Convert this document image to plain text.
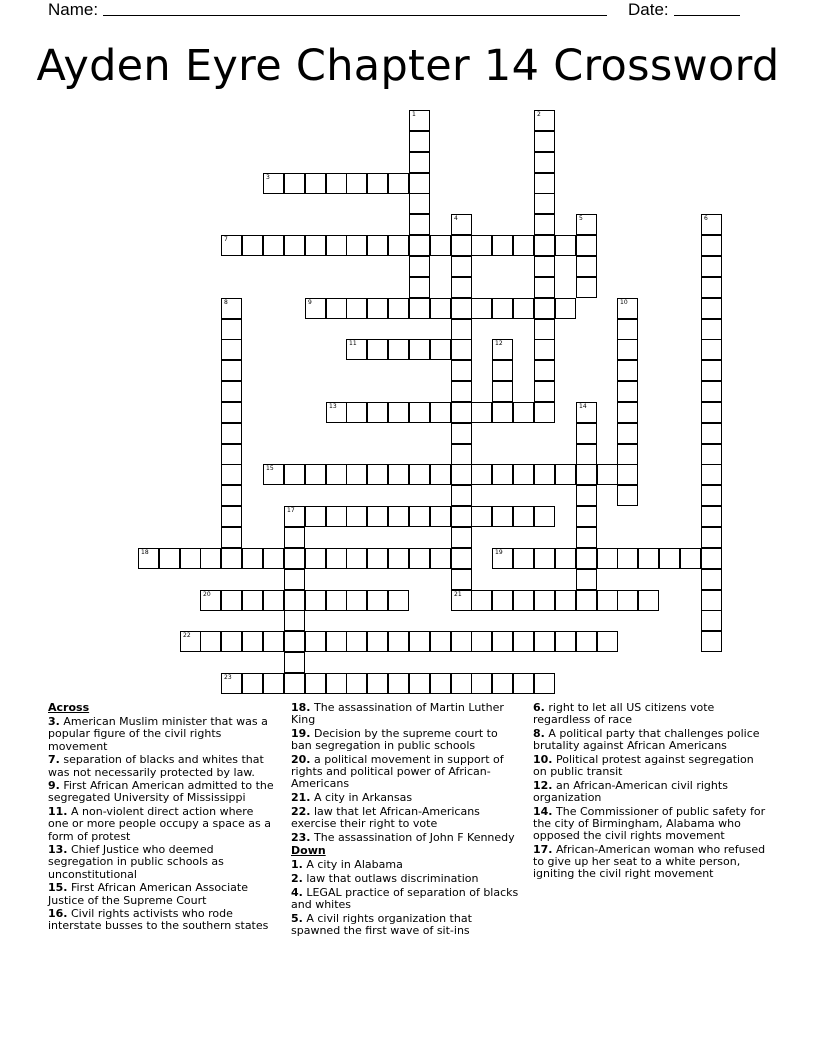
Name:	Date:
Ayden Eyre Chapter 14 Crossword
3
7
9
11
13
15
17
18	19
20	21
22
23
1	2
4	5	6
8	10
12
14
Across
3. American Muslim minister that was a popular figure of the civil rights movement
7. separation of blacks and whites that was not necessarily protected by law.
9. First African American admitted to the segregated University of Mississippi
11. A non-violent direct action where one or more people occupy a space as a form of protest
13. Chief Justice who deemed segregation in public schools as unconstitutional
15. First African American Associate Justice of the Supreme Court
16. Civil rights activists who rode interstate busses to the southern states
18. The assassination of Martin Luther King
19. Decision by the supreme court to ban segregation in public schools
20. a political movement in support of rights and political power of African-Americans
21. A city in Arkansas
22. law that let African-Americans exercise their right to vote
23. The assassination of John F Kennedy
Down
1. A city in Alabama
2. law that outlaws discrimination
4. LEGAL practice of separation of blacks and whites
5. A civil rights organization that spawned the first wave of sit-ins
6. right to let all US citizens vote regardless of race
8. A political party that challenges police brutality against African Americans
10. Political protest against segregation on public transit
12. an African-American civil rights organization
14. The Commissioner of public safety for the city of Birmingham, Alabama who opposed the civil rights movement
17. African-American woman who refused to give up her seat to a white person, igniting the civil right movement
